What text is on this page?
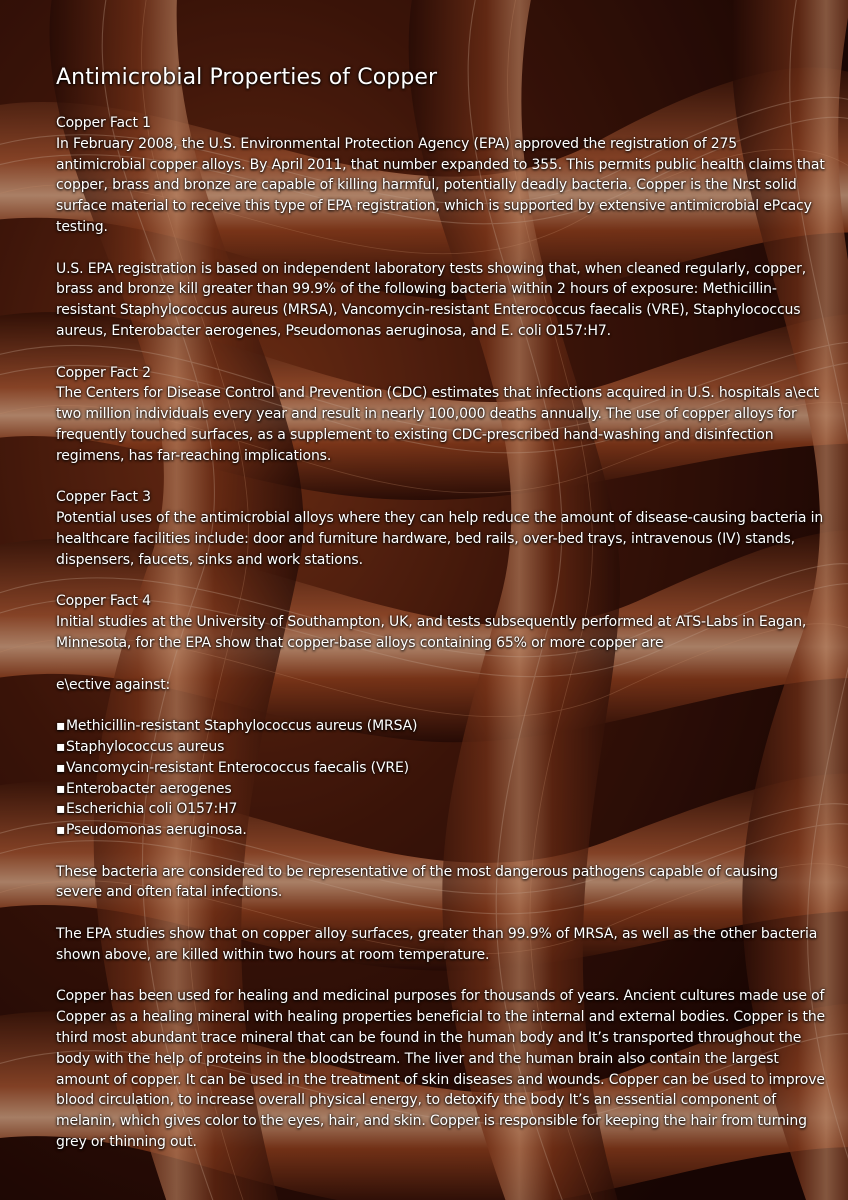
Antimicrobial Properties of Copper

Copper Fact 1

In February 2008, the U.S. Environmental Protection Agency (EPA) approved the registration of 275 antimicrobial copper alloys. By April 2011, that number expanded to 355. This permits public health claims that copper, brass and bronze are capable of killing harmful, potentially deadly bacteria. Copper is the Nrst solid surface material to receive this type of EPA registration, which is supported by extensive antimicrobial ePcacy testing.

U.S. EPA registration is based on independent laboratory tests showing that, when cleaned regularly, copper, brass and bronze kill greater than 99.9% of the following bacteria within 2 hours of exposure: Methicillin-resistant Staphylococcus aureus (MRSA), Vancomycin-resistant Enterococcus faecalis (VRE), Staphylococcus aureus, Enterobacter aerogenes, Pseudomonas aeruginosa, and E. coli O157:H7.

Copper Fact 2

The Centers for Disease Control and Prevention (CDC) estimates that infections acquired in U.S. hospitals a\ect two million individuals every year and result in nearly 100,000 deaths annually. The use of copper alloys for frequently touched surfaces, as a supplement to existing CDC-prescribed hand-washing and disinfection regimens, has far-reaching implications.

Copper Fact 3

Potential uses of the antimicrobial alloys where they can help reduce the amount of disease-causing bacteria in healthcare facilities include: door and furniture hardware, bed rails, over-bed trays, intravenous (IV) stands, dispensers, faucets, sinks and work stations.

Copper Fact 4

Initial studies at the University of Southampton, UK, and tests subsequently performed at ATS-Labs in Eagan, Minnesota, for the EPA show that copper-base alloys containing 65% or more copper are

e\ective against:

▪Methicillin-resistant Staphylococcus aureus (MRSA)
▪Staphylococcus aureus
▪Vancomycin-resistant Enterococcus faecalis (VRE)
▪Enterobacter aerogenes
▪Escherichia coli O157:H7
▪Pseudomonas aeruginosa.

These bacteria are considered to be representative of the most dangerous pathogens capable of causing severe and often fatal infections.

The EPA studies show that on copper alloy surfaces, greater than 99.9% of MRSA, as well as the other bacteria shown above, are killed within two hours at room temperature.

Copper has been used for healing and medicinal purposes for thousands of years. Ancient cultures made use of Copper as a healing mineral with healing properties beneficial to the internal and external bodies. Copper is the third most abundant trace mineral that can be found in the human body and It’s transported throughout the body with the help of proteins in the bloodstream. The liver and the human brain also contain the largest amount of copper. It can be used in the treatment of skin diseases and wounds. Copper can be used to improve blood circulation, to increase overall physical energy, to detoxify the body It’s an essential component of melanin, which gives color to the eyes, hair, and skin. Copper is responsible for keeping the hair from turning grey or thinning out.
